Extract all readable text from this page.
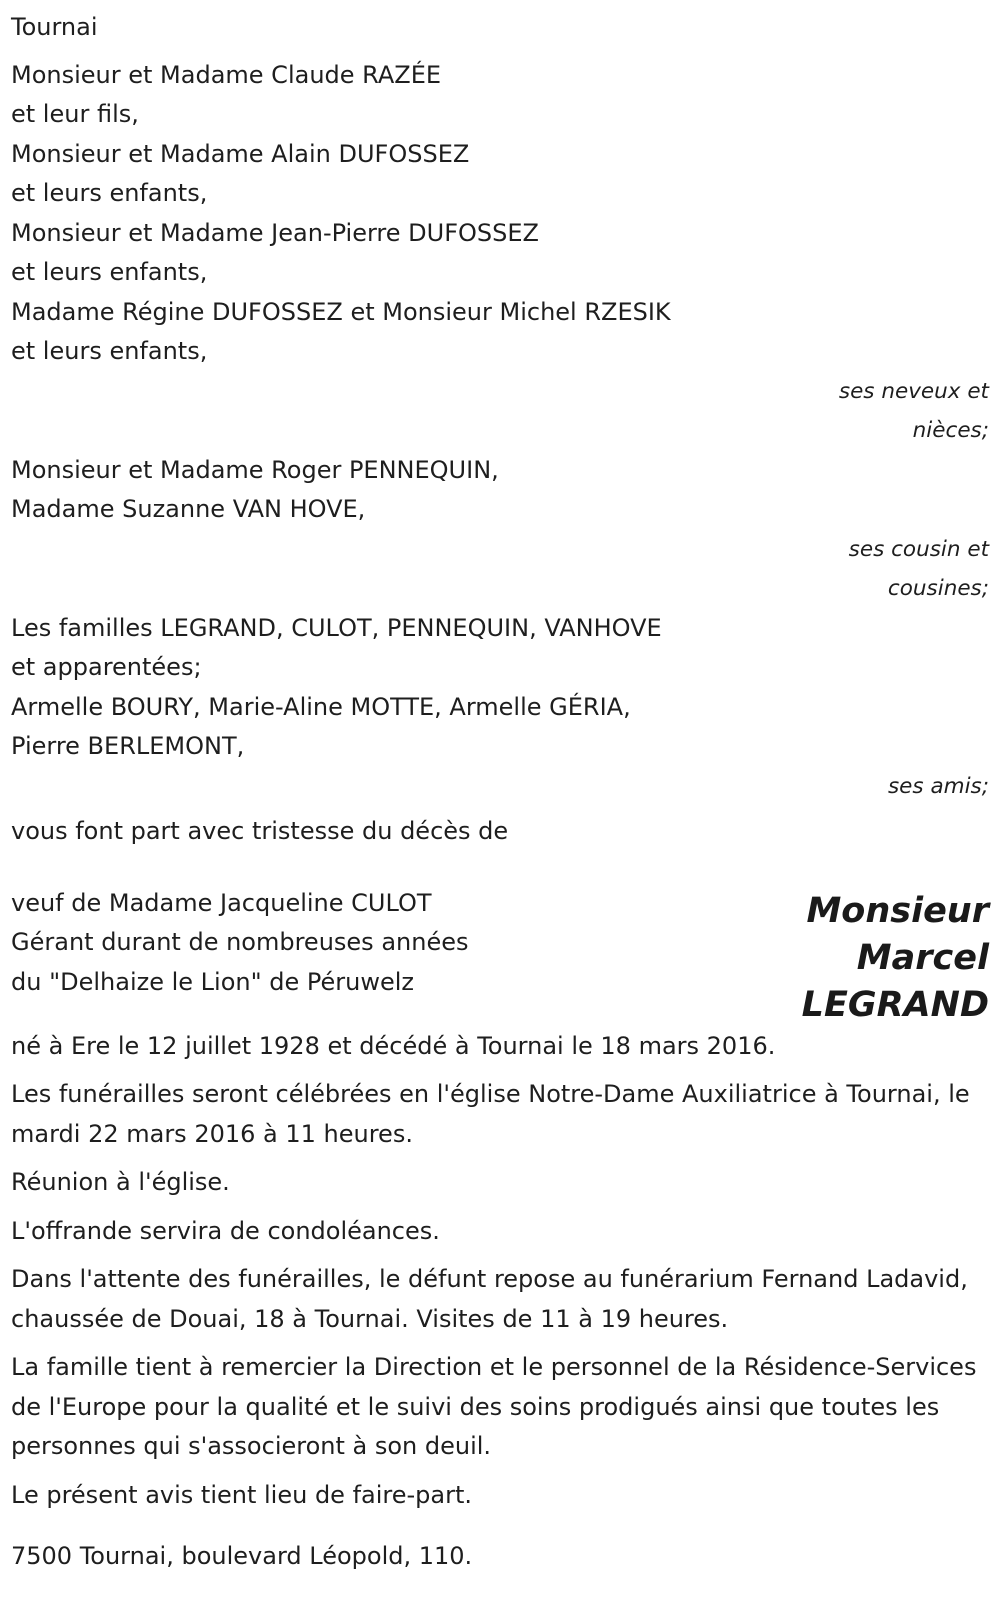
Tournai

Monsieur et Madame Claude RAZÉE

et leur fils,

Monsieur et Madame Alain DUFOSSEZ

et leurs enfants,

Monsieur et Madame Jean-Pierre DUFOSSEZ

et leurs enfants,

Madame Régine DUFOSSEZ et Monsieur Michel RZESIK

et leurs enfants,

ses neveux et
nièces;

Monsieur et Madame Roger PENNEQUIN,

Madame Suzanne VAN HOVE,

ses cousin et
cousines;

Les familles LEGRAND, CULOT, PENNEQUIN, VANHOVE

et apparentées;

Armelle BOURY, Marie-Aline MOTTE, Armelle GÉRIA,

Pierre BERLEMONT,

ses amis;

vous font part avec tristesse du décès de

veuf de Madame Jacqueline CULOT

Gérant durant de nombreuses années

du "Delhaize le Lion" de Péruwelz

Monsieur
Marcel
LEGRAND

né à Ere le 12 juillet 1928 et décédé à Tournai le 18 mars 2016.

Les funérailles seront célébrées en l'église Notre-Dame Auxiliatrice à Tournai, le mardi 22 mars 2016 à 11 heures.

Réunion à l'église.

L'offrande servira de condoléances.

Dans l'attente des funérailles, le défunt repose au funérarium Fernand Ladavid, chaussée de Douai, 18 à Tournai. Visites de 11 à 19 heures.

La famille tient à remercier la Direction et le personnel de la Résidence-Services de l'Europe pour la qualité et le suivi des soins prodigués ainsi que toutes les personnes qui s'associeront à son deuil.

Le présent avis tient lieu de faire-part.

7500 Tournai, boulevard Léopold, 110.
